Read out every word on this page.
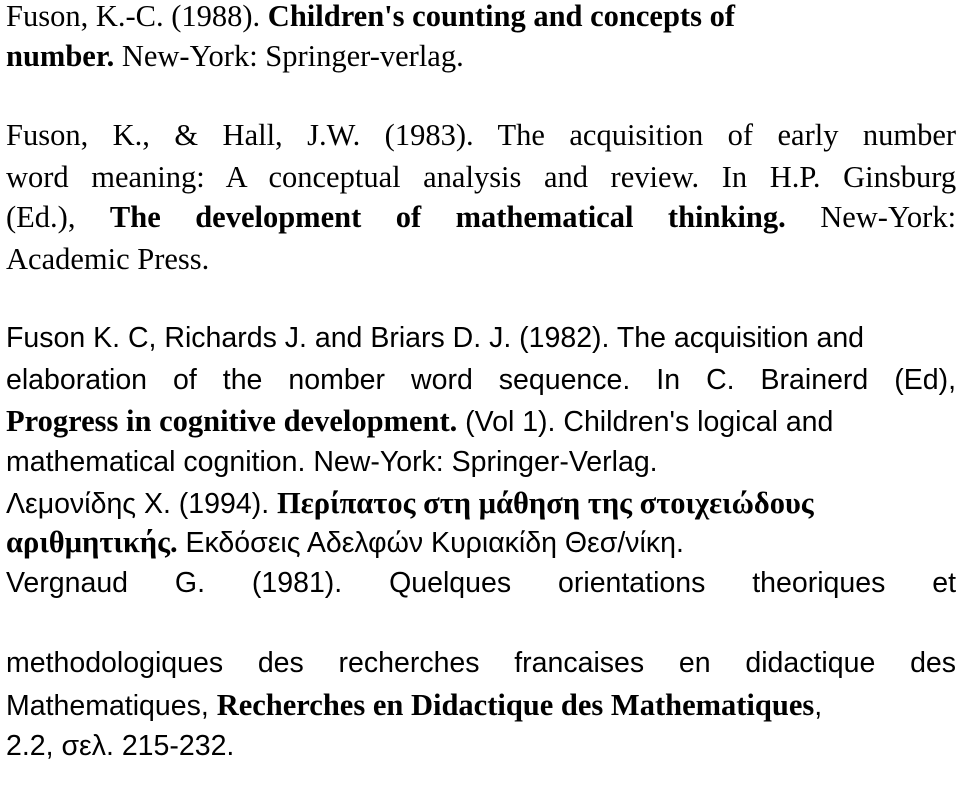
Fuson, K.-C. (1988). Children's counting and concepts of
number. New-York: Springer-verlag.
Fuson, K., & Hall, J.W. (1983). The acquisition of early number
word meaning: A conceptual analysis and review. In H.P. Ginsburg
(Ed.), The development of mathematical thinking. New-York:
Academic Press.
Fuson K. C, Richards J. and Briars D. J. (1982). The acquisition and
elaboration of the nomber word sequence. In C. Brainerd (Ed),
Progress in cognitive development. (Vol 1). Children's logical and
mathematical cognition. New-York: Springer-Verlag.
Λεμονίδης Χ. (1994). Περίπατος στη μάθηση της στοιχειώδους
αριθμητικής. Εκδόσεις Αδελφών Κυριακίδη Θεσ/νίκη.
Vergnaud G. (1981). Quelques orientations theoriques et
methodologiques des recherches francaises en didactique des
Mathematiques, Recherches en Didactique des Mathematiques,
2.2, σελ. 215-232.
